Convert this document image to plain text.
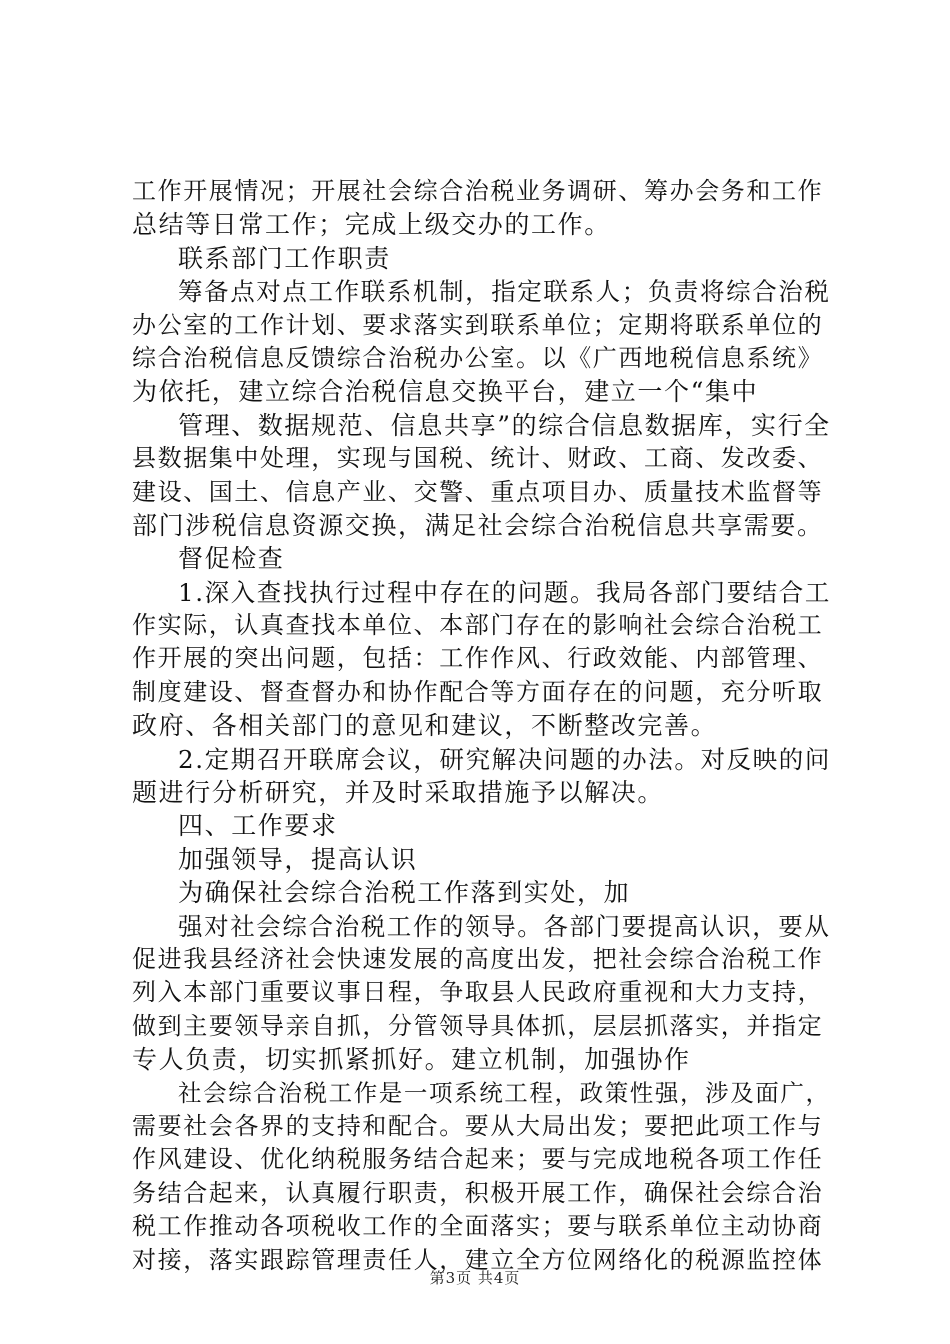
工作开展情况；开展社会综合治税业务调研、筹办会务和工作
总结等日常工作；完成上级交办的工作。
联系部门工作职责
筹备点对点工作联系机制，指定联系人；负责将综合治税
办公室的工作计划、要求落实到联系单位；定期将联系单位的
综合治税信息反馈综合治税办公室。以《广西地税信息系统》
为依托，建立综合治税信息交换平台，建立一个“集中
管理、数据规范、信息共享”的综合信息数据库，实行全
县数据集中处理，实现与国税、统计、财政、工商、发改委、
建设、国土、信息产业、交警、重点项目办、质量技术监督等
部门涉税信息资源交换，满足社会综合治税信息共享需要。
督促检查
1.深入查找执行过程中存在的问题。我局各部门要结合工
作实际，认真查找本单位、本部门存在的影响社会综合治税工
作开展的突出问题，包括：工作作风、行政效能、内部管理、
制度建设、督查督办和协作配合等方面存在的问题，充分听取
政府、各相关部门的意见和建议，不断整改完善。
2.定期召开联席会议，研究解决问题的办法。对反映的问
题进行分析研究，并及时采取措施予以解决。
四、工作要求
加强领导，提高认识
为确保社会综合治税工作落到实处，加
强对社会综合治税工作的领导。各部门要提高认识，要从
促进我县经济社会快速发展的高度出发，把社会综合治税工作
列入本部门重要议事日程，争取县人民政府重视和大力支持，
做到主要领导亲自抓，分管领导具体抓，层层抓落实，并指定
专人负责，切实抓紧抓好。建立机制，加强协作
社会综合治税工作是一项系统工程，政策性强，涉及面广，
需要社会各界的支持和配合。要从大局出发；要把此项工作与
作风建设、优化纳税服务结合起来；要与完成地税各项工作任
务结合起来，认真履行职责，积极开展工作，确保社会综合治
税工作推动各项税收工作的全面落实；要与联系单位主动协商
对接，落实跟踪管理责任人，建立全方位网络化的税源监控体
第3页 共4页
